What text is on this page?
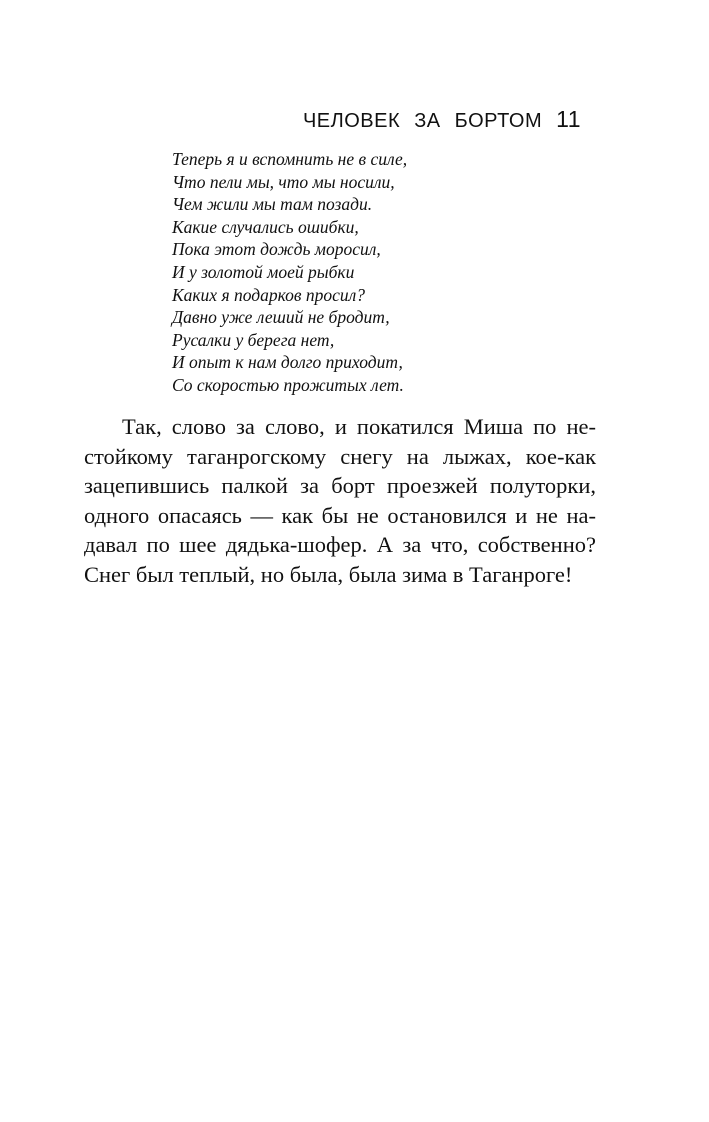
ЧЕЛОВЕК ЗА БОРТОМ 11
Теперь я и вспомнить не в силе,
Что пели мы, что мы носили,
Чем жили мы там позади.
Какие случались ошибки,
Пока этот дождь моросил,
И у золотой моей рыбки
Каких я подарков просил?
Давно уже леший не бродит,
Русалки у берега нет,
И опыт к нам долго приходит,
Со скоростью прожитых лет.
Так, слово за слово, и покатился Миша по не-
стойкому таганрогскому снегу на лыжах, кое-как
зацепившись палкой за борт проезжей полуторки,
одного опасаясь — как бы не остановился и не на-
давал по шее дядька-шофер. А за что, собственно?
Снег был теплый, но была, была зима в Таганроге!
